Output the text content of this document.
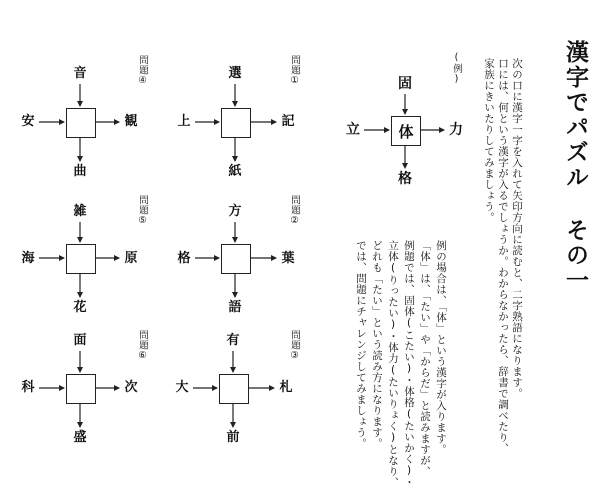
漢字でパズル その一
次の口に漢字一字を入れて矢印方向に読むと、二字熟語になります。
口には、何という漢字が入るでしょうか。わからなかったら、辞書で調べたり、
家族にきいたりしてみましょう。
(例)
体
固
立	力
格
例の場合は、「体」という漢字が入ります。
「体」は、「たい」や「からだ」と読みますが、
例題では、固体(こたい)・体格(たいかく)・
立体(りったい)・体力(たいりょく)となり、
どれも「たい」という読み方になります。
では、問題にチャレンジしてみましょう。
問題①
問題②
問題③
問題④
問題⑤
問題⑥
選
上	記
紙
方
格	葉
語
有
大	札
前
音
安	観
曲
雑
海	原
花
面
科	次
盛
